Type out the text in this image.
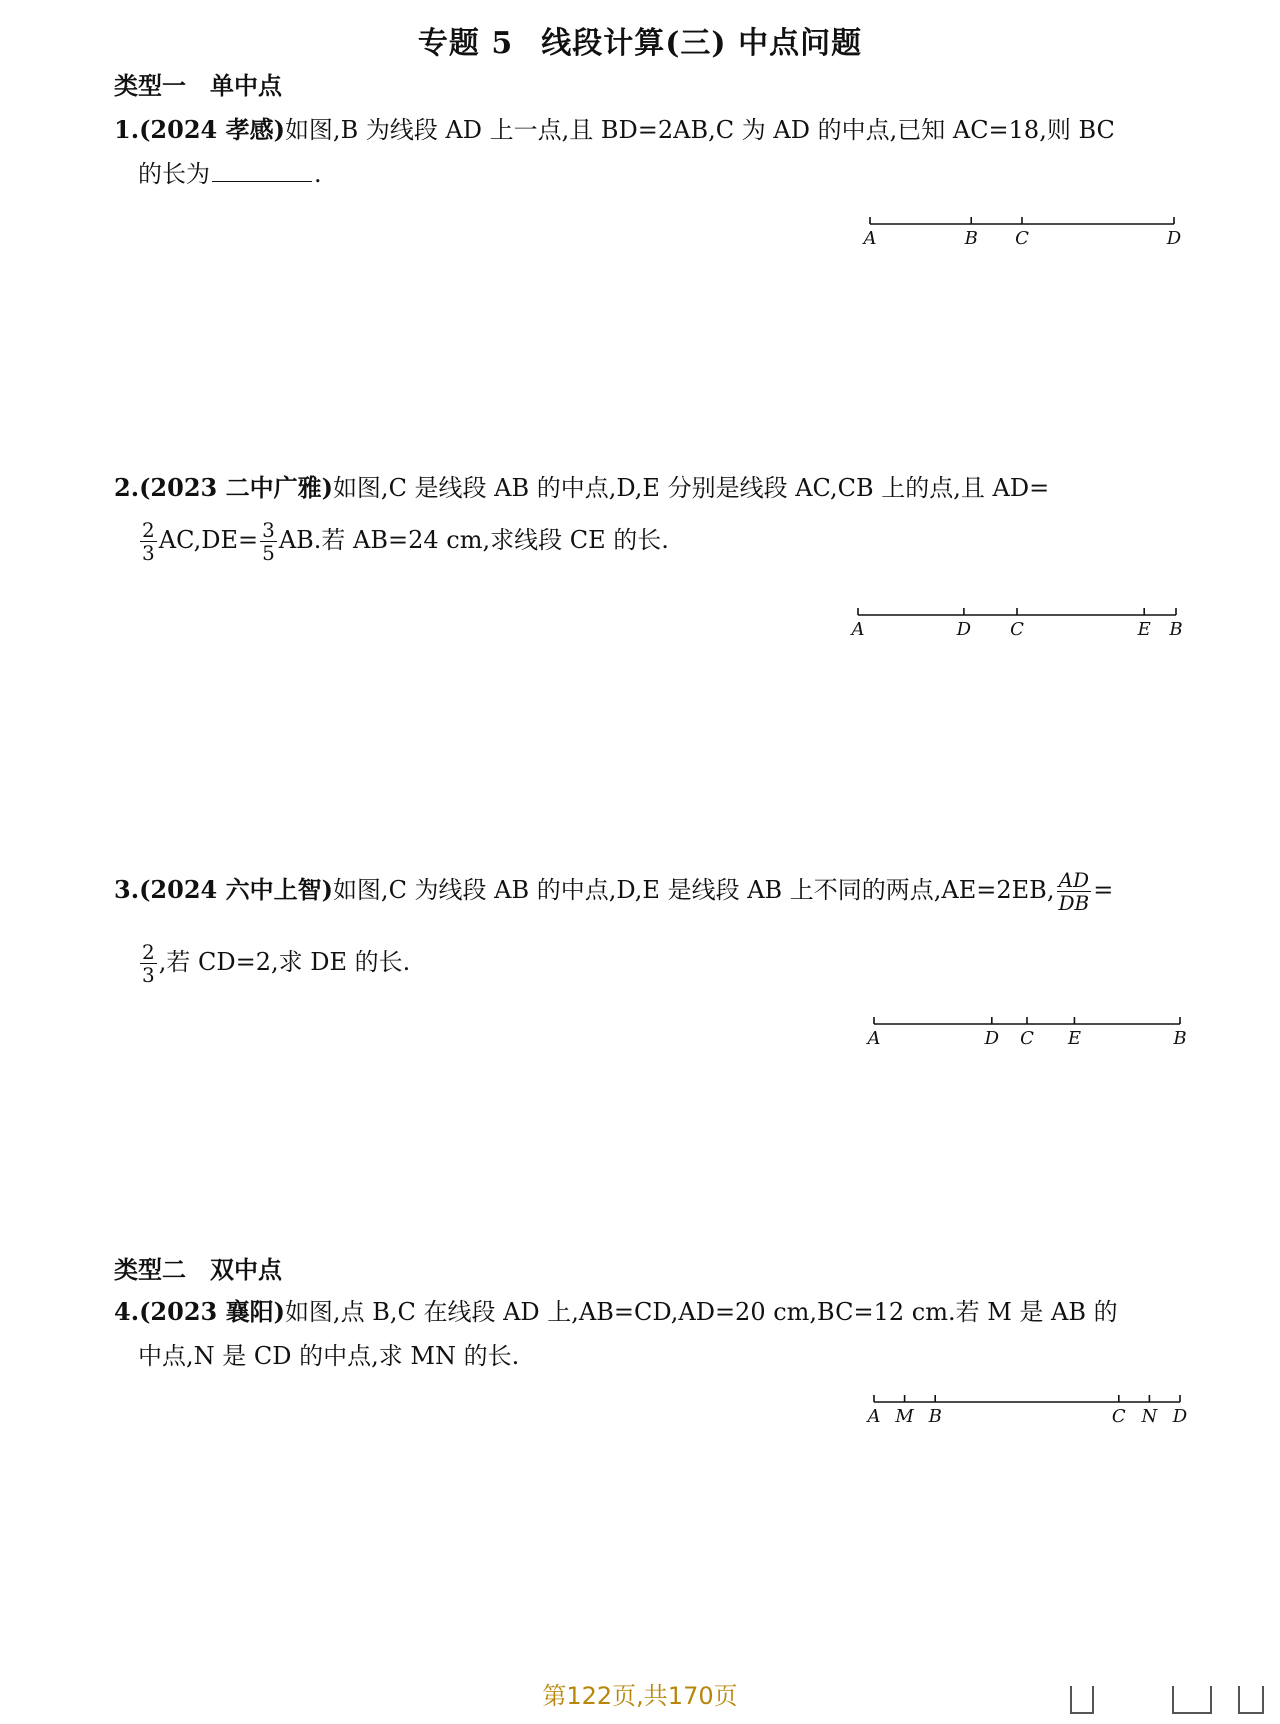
专题 5 线段计算(三) 中点问题
类型一 单中点
1.(2024 孝感)如图,B 为线段 AD 上一点,且 BD=2AB,C 为 AD 的中点,已知 AC=18,则 BC
的长为	.
A	B C	D
2.(2023 二中广雅)如图,C 是线段 AB 的中点,D,E 分别是线段 AC,CB 上的点,且 AD=
$\frac{2}{3} AC,DE= \frac{3}{5}$ AB.若 AB=24 cm,求线段 CE 的长.
A	D C	E B
3.(2024 六中上智)如图,C 为线段 AB 的中点,D,E 是线段 AB 上不同的两点,AE=2EB, $\frac{AD}{DB}$ =
$\frac{2}{3}$ ,若 CD=2,求 DE 的长.
A	D C E	B
类型二 双中点
4.(2023 襄阳)如图,点 B,C 在线段 AD 上,AB=CD,AD=20 cm,BC=12 cm.若 M 是 AB 的
中点,N 是 CD 的中点,求 MN 的长.
A M B	C N D
第122页,共170页
